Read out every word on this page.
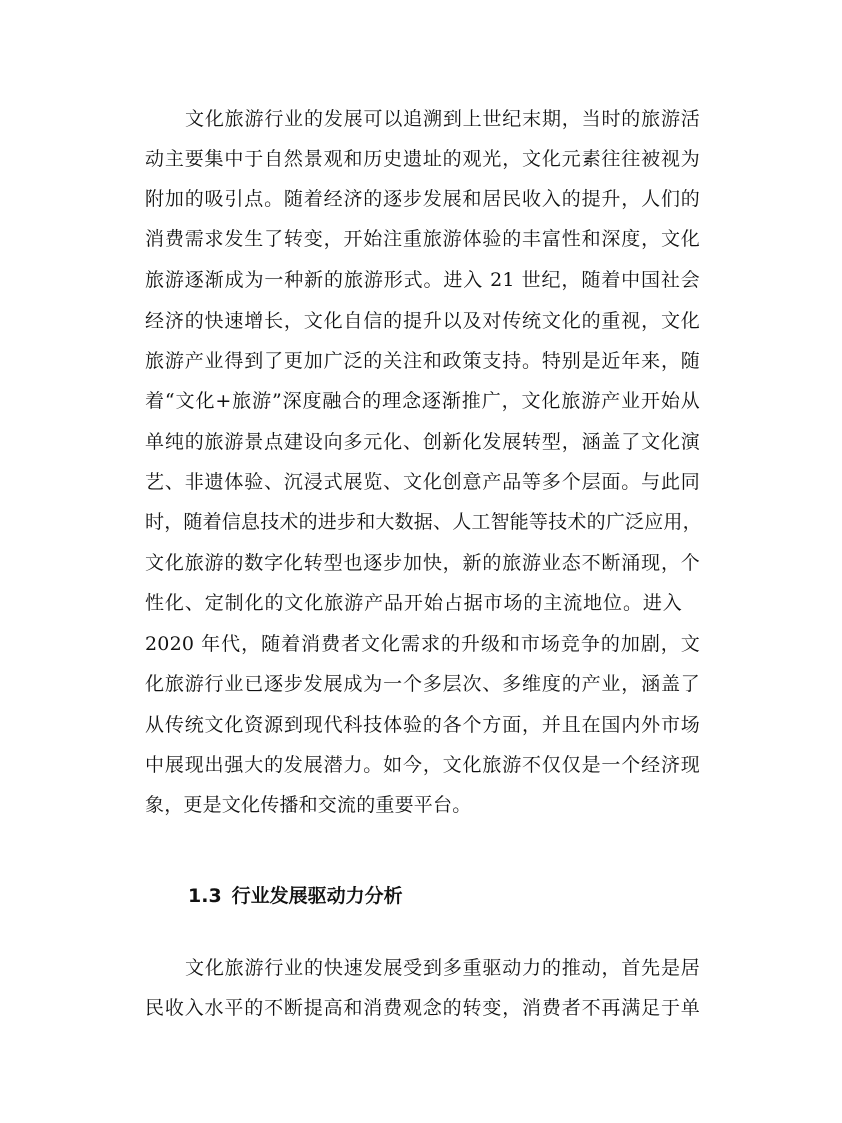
文化旅游行业的发展可以追溯到上世纪末期，当时的旅游活
动主要集中于自然景观和历史遗址的观光，文化元素往往被视为
附加的吸引点。随着经济的逐步发展和居民收入的提升，人们的
消费需求发生了转变，开始注重旅游体验的丰富性和深度，文化
旅游逐渐成为一种新的旅游形式。进入 21 世纪，随着中国社会
经济的快速增长，文化自信的提升以及对传统文化的重视，文化
旅游产业得到了更加广泛的关注和政策支持。特别是近年来，随
着“文化+旅游”深度融合的理念逐渐推广，文化旅游产业开始从
单纯的旅游景点建设向多元化、创新化发展转型，涵盖了文化演
艺、非遗体验、沉浸式展览、文化创意产品等多个层面。与此同
时，随着信息技术的进步和大数据、人工智能等技术的广泛应用，
文化旅游的数字化转型也逐步加快，新的旅游业态不断涌现，个
性化、定制化的文化旅游产品开始占据市场的主流地位。进入
2020 年代，随着消费者文化需求的升级和市场竞争的加剧，文
化旅游行业已逐步发展成为一个多层次、多维度的产业，涵盖了
从传统文化资源到现代科技体验的各个方面，并且在国内外市场
中展现出强大的发展潜力。如今，文化旅游不仅仅是一个经济现
象，更是文化传播和交流的重要平台。
1.3 行业发展驱动力分析
文化旅游行业的快速发展受到多重驱动力的推动，首先是居
民收入水平的不断提高和消费观念的转变，消费者不再满足于单
